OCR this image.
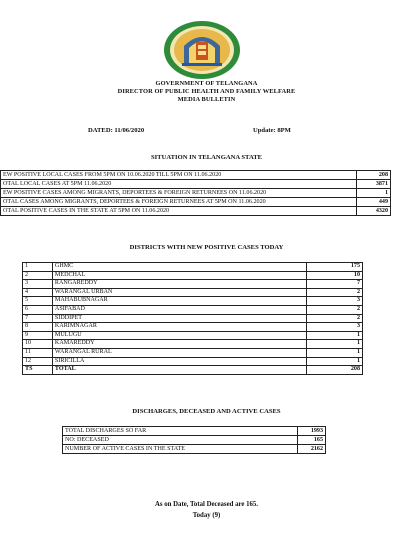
GOVERNMENT OF TELANGANA
DIRECTOR OF PUBLIC HEALTH AND FAMILY WELFARE
MEDIA BULLETIN
DATED: 11/06/2020	Update: 8PM
SITUATION IN TELANGANA STATE
EW POSITIVE LOCAL CASES FROM 5PM ON 10.06.2020 TILL 5PM ON 11.06.2020	208
OTAL LOCAL CASES AT 5PM 11.06.2020	3871
EW POSITIVE CASES AMONG MIGRANTS, DEPORTEES & FOREIGN RETURNEES ON 11.06.2020	1
OTAL CASES AMONG MIGRANTS, DEPORTEES & FOREIGN RETURNEES AT 5PM ON 11.06.2020	449
OTAL POSITIVE CASES IN THE STATE AT 5PM ON 11.06.2020	4320
DISTRICTS WITH NEW POSITIVE CASES TODAY
1	GHMC	175
2	MEDCHAL	10
3	RANGAREDDY	7
4	WARANGAL URBAN	2
5	MAHABUBNAGAR	3
6	ASIFABAD	2
7	SIDDIPET	2
8	KARIMNAGAR	3
9	MULUGU	1
10	KAMAREDDY	1
11	WARANGAL RURAL	1
12	SIRICILLA	1
TS	TOTAL	208
DISCHARGES, DECEASED AND ACTIVE CASES
TOTAL DISCHARGES SO FAR	1993
NO: DECEASED	165
NUMBER OF ACTIVE CASES IN THE STATE	2162
As on Date, Total Deceased are 165.
Today (9)
